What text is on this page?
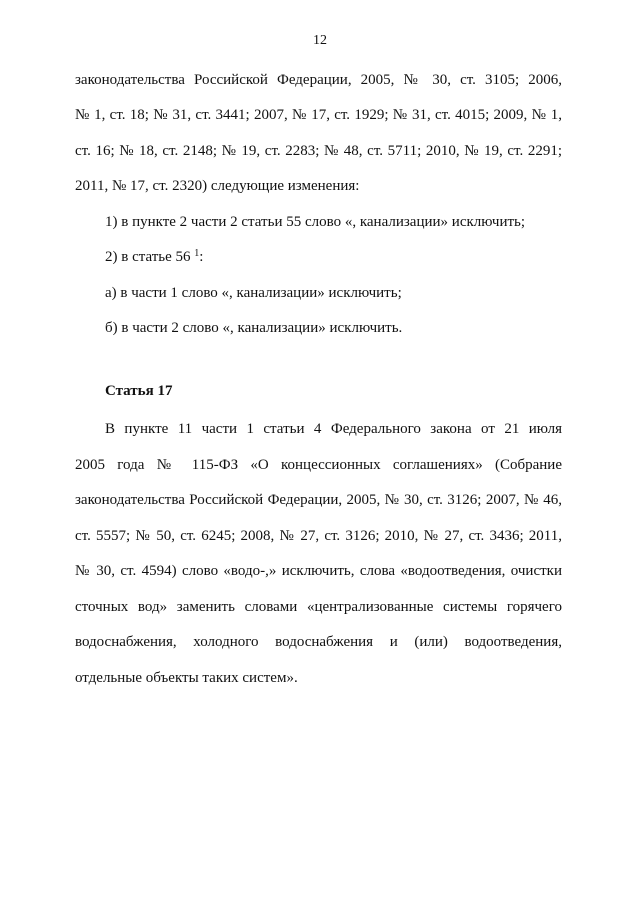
12
законодательства Российской Федерации, 2005, № 30, ст. 3105; 2006,
№ 1, ст. 18; № 31, ст. 3441; 2007, № 17, ст. 1929; № 31, ст. 4015; 2009, № 1,
ст. 16; № 18, ст. 2148; № 19, ст. 2283; № 48, ст. 5711; 2010, № 19, ст. 2291;
2011, № 17, ст. 2320) следующие изменения:
1) в пункте 2 части 2 статьи 55 слово «, канализации» исключить;
2) в статье 56 $^1$:
а) в части 1 слово «, канализации» исключить;
б) в части 2 слово «, канализации» исключить.
Статья 17
В пункте 11 части 1 статьи 4 Федерального закона от 21 июля
2005 года № 115-ФЗ «О концессионных соглашениях» (Собрание
законодательства Российской Федерации, 2005, № 30, ст. 3126; 2007, № 46,
ст. 5557; № 50, ст. 6245; 2008, № 27, ст. 3126; 2010, № 27, ст. 3436; 2011,
№ 30, ст. 4594) слово «водо-,» исключить, слова «водоотведения, очистки
сточных вод» заменить словами «централизованные системы горячего
водоснабжения, холодного водоснабжения и (или) водоотведения,
отдельные объекты таких систем».
